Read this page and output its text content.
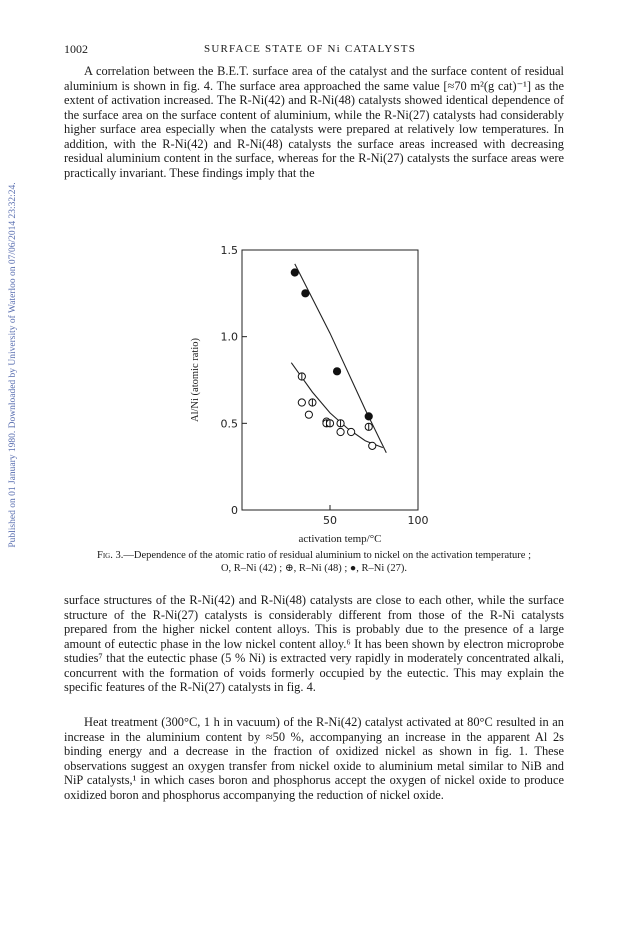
Published on 01 January 1980. Downloaded by University of Waterloo on 07/06/2014 23:32:24.
1002	SURFACE STATE OF Ni CATALYSTS

A correlation between the B.E.T. surface area of the catalyst and the surface content of residual aluminium is shown in fig. 4. The surface area approached the same value [≈70 m²(g cat)⁻¹] as the extent of activation increased. The R-Ni(42) and R-Ni(48) catalysts showed identical dependence of the surface area on the surface content of aluminium, while the R-Ni(27) catalysts had considerably higher surface area especially when the catalysts were prepared at relatively low temperatures. In addition, with the R-Ni(42) and R-Ni(48) catalysts the surface areas increased with decreasing residual aluminium content in the surface, whereas for the R-Ni(27) catalysts the surface areas were practically invariant. These findings imply that the

0
0.5
1.0
1.5
50	100
Al/Ni (atomic ratio)
activation temp/°C
Fig. 3.—Dependence of the atomic ratio of residual aluminium to nickel on the activation temperature ;
O, R–Ni (42) ; ⊕, R–Ni (48) ; ●, R–Ni (27).

surface structures of the R-Ni(42) and R-Ni(48) catalysts are close to each other, while the surface structure of the R-Ni(27) catalysts is considerably different from those of the R-Ni catalysts prepared from the higher nickel content alloys. This is probably due to the presence of a large amount of eutectic phase in the low nickel content alloy.⁶ It has been shown by electron microprobe studies⁷ that the eutectic phase (5 % Ni) is extracted very rapidly in moderately concentrated alkali, concurrent with the formation of voids formerly occupied by the eutectic. This may explain the specific features of the R-Ni(27) catalysts in fig. 4.

Heat treatment (300°C, 1 h in vacuum) of the R-Ni(42) catalyst activated at 80°C resulted in an increase in the aluminium content by ≈50 %, accompanying an increase in the apparent Al 2s binding energy and a decrease in the fraction of oxidized nickel as shown in fig. 1. These observations suggest an oxygen transfer from nickel oxide to aluminium metal similar to NiB and NiP catalysts,¹ in which cases boron and phosphorus accept the oxygen of nickel oxide to produce oxidized boron and phosphorus accompanying the reduction of nickel oxide.
